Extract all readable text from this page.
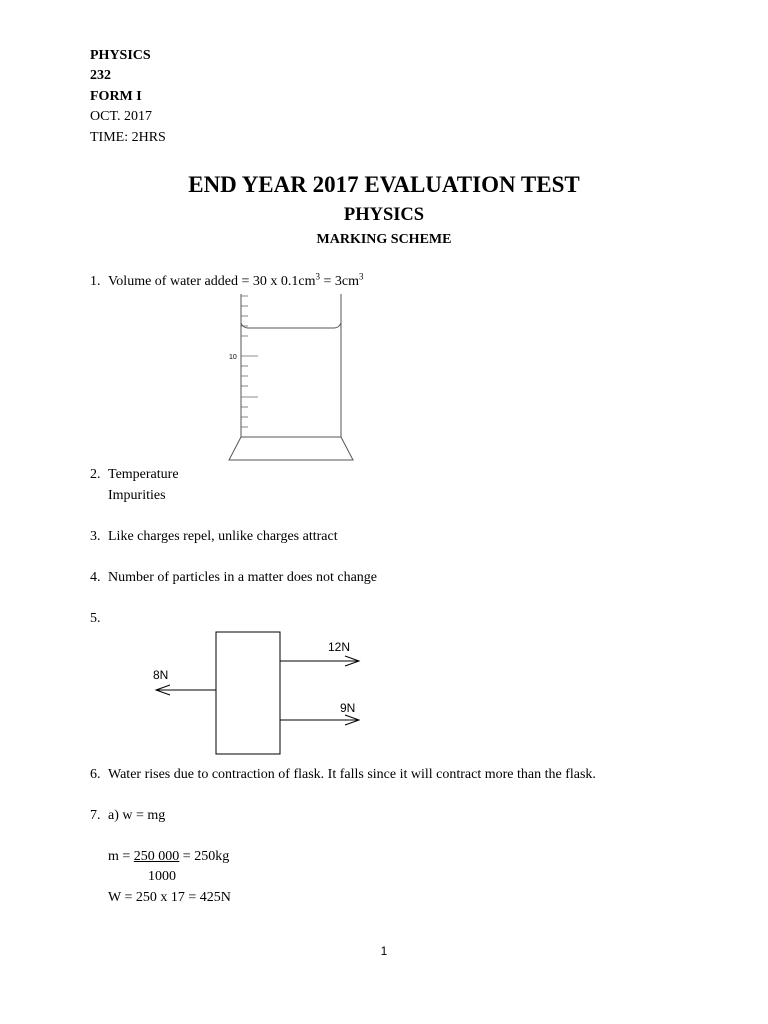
PHYSICS
232
FORM I
OCT. 2017
TIME: 2HRS
END YEAR 2017 EVALUATION TEST
PHYSICS
MARKING SCHEME
1. Volume of water added = 30 x $0.1cm^3 = 3cm^3$
10
2. Temperature
Impurities
3. Like charges repel, unlike charges attract
4. Number of particles in a matter does not change
5.
8N
12N
9N
6. Water rises due to contraction of flask. It falls since it will contract more than the flask.
7. a) w = mg
m = 250 000 = 250kg
1000
W = 250 x 17 = 425N
1
